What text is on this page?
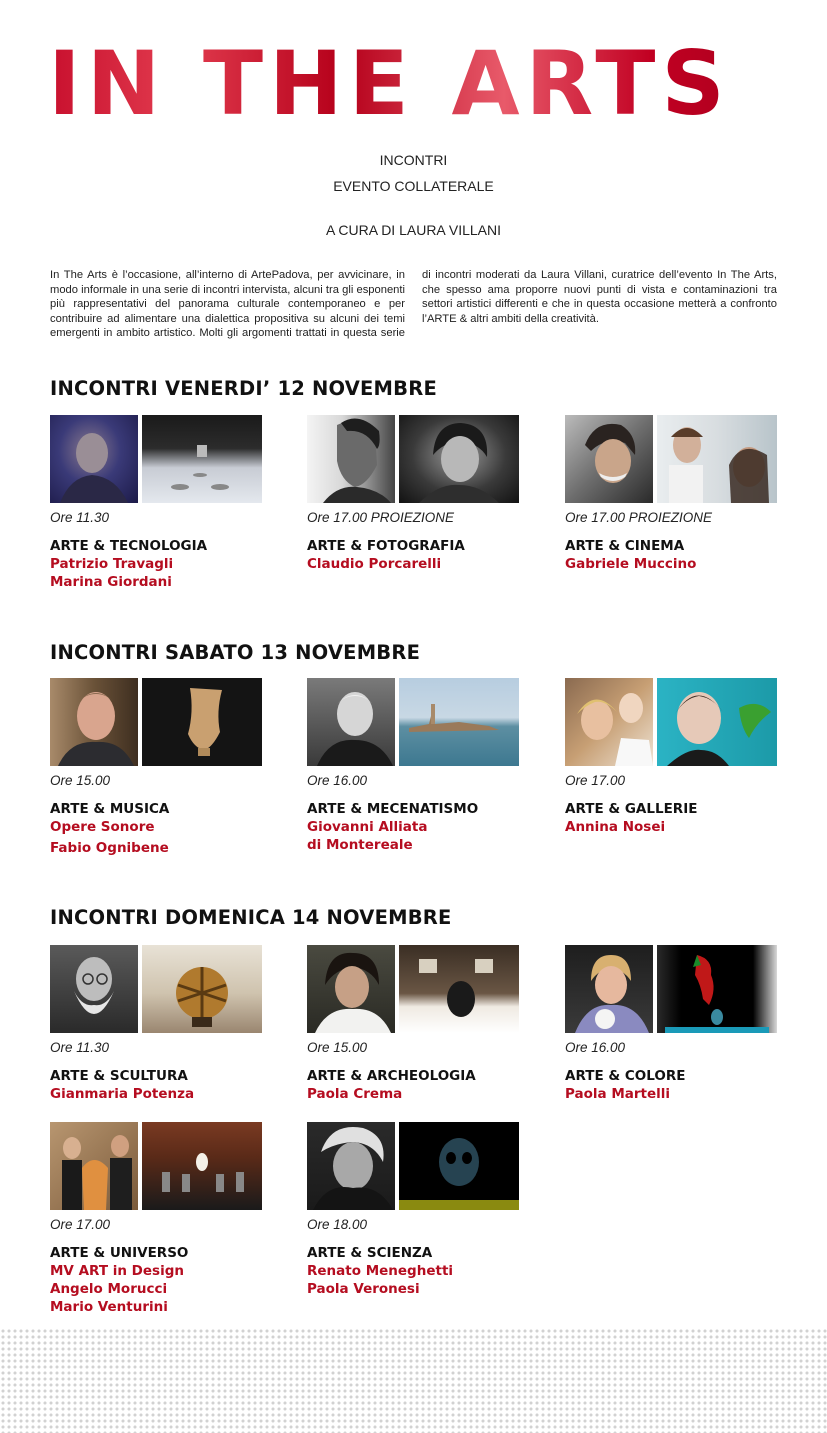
IN THE ARTS

INCONTRI

EVENTO COLLATERALE

A CURA DI LAURA VILLANI

In The Arts è l’occasione, all’interno di ArtePadova, per avvicinare, in modo informale in una serie di incontri intervista, alcuni tra gli esponenti più rappresentativi del panorama culturale contemporaneo e per contribuire ad alimentare una dialettica propositiva su alcuni dei temi emergenti in ambito artistico. Molti gli argomenti trattati in questa serie di incontri moderati da Laura Villani, curatrice dell’evento In The Arts, che spesso ama proporre nuovi punti di vista e contaminazioni tra settori artistici differenti e che in questa occasione metterà a confronto l’ARTE & altri ambiti della creatività.

INCONTRI VENERDI’ 12 NOVEMBRE

Ore 11.30

ARTE & TECNOLOGIA

Patrizio Travagli
Marina Giordani

Ore 17.00 PROIEZIONE

ARTE & FOTOGRAFIA

Claudio Porcarelli

Ore 17.00 PROIEZIONE

ARTE & CINEMA

Gabriele Muccino
INCONTRI SABATO 13 NOVEMBRE

Ore 15.00

ARTE & MUSICA

Opere Sonore
Fabio Ognibene

Ore 16.00

ARTE & MECENATISMO

Giovanni Alliata
di Montereale

Ore 17.00

ARTE & GALLERIE

Annina Nosei
INCONTRI DOMENICA 14 NOVEMBRE

Ore 11.30

ARTE & SCULTURA

Gianmaria Potenza

Ore 15.00

ARTE & ARCHEOLOGIA

Paola Crema

Ore 16.00

ARTE & COLORE

Paola Martelli

Ore 17.00

ARTE & UNIVERSO

MV ART in Design
Angelo Morucci
Mario Venturini

Ore 18.00

ARTE & SCIENZA

Renato Meneghetti
Paola Veronesi
